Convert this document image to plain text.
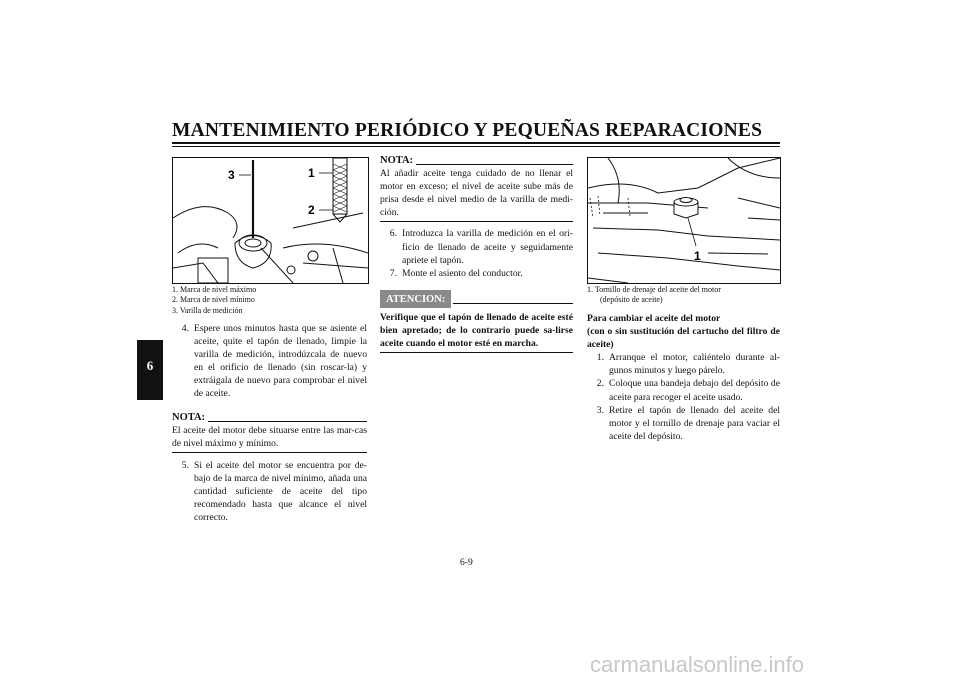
MANTENIMIENTO PERIÓDICO Y PEQUEÑAS REPARACIONES
6
3	1
2
1. Marca de nivel máximo
2. Marca de nivel mínimo
3. Varilla de medición
4. Espere unos minutos hasta que se asiente el aceite, quite el tapón de llenado, limpie la varilla de medición, introdúzcala de nuevo en el orificio de llenado (sin roscar-la) y extráigala de nuevo para comprobar el nivel de aceite.
NOTA:
El aceite del motor debe situarse entre las mar-cas de nivel máximo y mínimo.
5. Si el aceite del motor se encuentra por de-bajo de la marca de nivel mínimo, añada una cantidad suficiente de aceite del tipo recomendado hasta que alcance el nivel correcto.
NOTA:
Al añadir aceite tenga cuidado de no llenar el motor en exceso; el nivel de aceite sube más de prisa desde el nivel medio de la varilla de medi-ción.
6. Introduzca la varilla de medición en el ori-ficio de llenado de aceite y seguidamente apriete el tapón.
7. Monte el asiento del conductor.
ATENCION:
Verifique que el tapón de llenado de aceite esté bien apretado; de lo contrario puede sa-lirse aceite cuando el motor esté en marcha.
1
1. Tornillo de drenaje del aceite del motor
(depósito de aceite)
Para cambiar el aceite del motor
(con o sin sustitución del cartucho del filtro de aceite)
1. Arranque el motor, caliéntelo durante al-gunos minutos y luego párelo.
2. Coloque una bandeja debajo del depósito de aceite para recoger el aceite usado.
3. Retire el tapón de llenado del aceite del motor y el tornillo de drenaje para vaciar el aceite del depósito.
6-9
carmanualsonline.info
